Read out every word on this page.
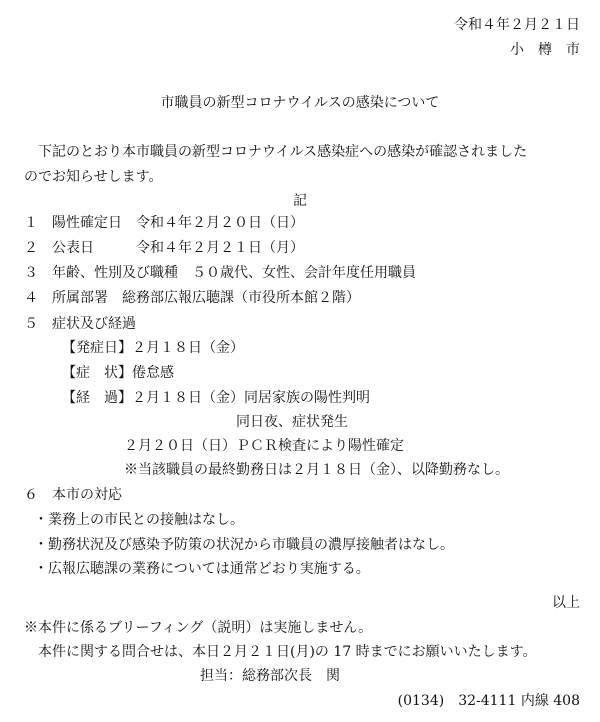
令和４年２月２１日
小　樽　市
市職員の新型コロナウイルスの感染について
下記のとおり本市職員の新型コロナウイルス感染症への感染が確認されました
のでお知らせします。
記
１　陽性確定日　令和４年２月２０日（日）
２　公表日　　　令和４年２月２１日（月）
３　年齢、性別及び職種　５０歳代、女性、会計年度任用職員
４　所属部署　総務部広報広聴課（市役所本館２階）
５　症状及び経過
【発症日】２月１８日（金）
【症　状】倦怠感
【経　過】２月１８日（金）同居家族の陽性判明
同日夜、症状発生
２月２０日（日）ＰＣＲ検査により陽性確定
※当該職員の最終勤務日は２月１８日（金）、以降勤務なし。
６　本市の対応
・業務上の市民との接触はなし。
・勤務状況及び感染予防策の状況から市職員の濃厚接触者はなし。
・広報広聴課の業務については通常どおり実施する。
以上
※本件に係るブリーフィング（説明）は実施しません。
本件に関する問合せは、本日２月２１日(月)の 17 時までにお願いいたします。
担当：総務部次長　関
(0134)　32-4111 内線 408
